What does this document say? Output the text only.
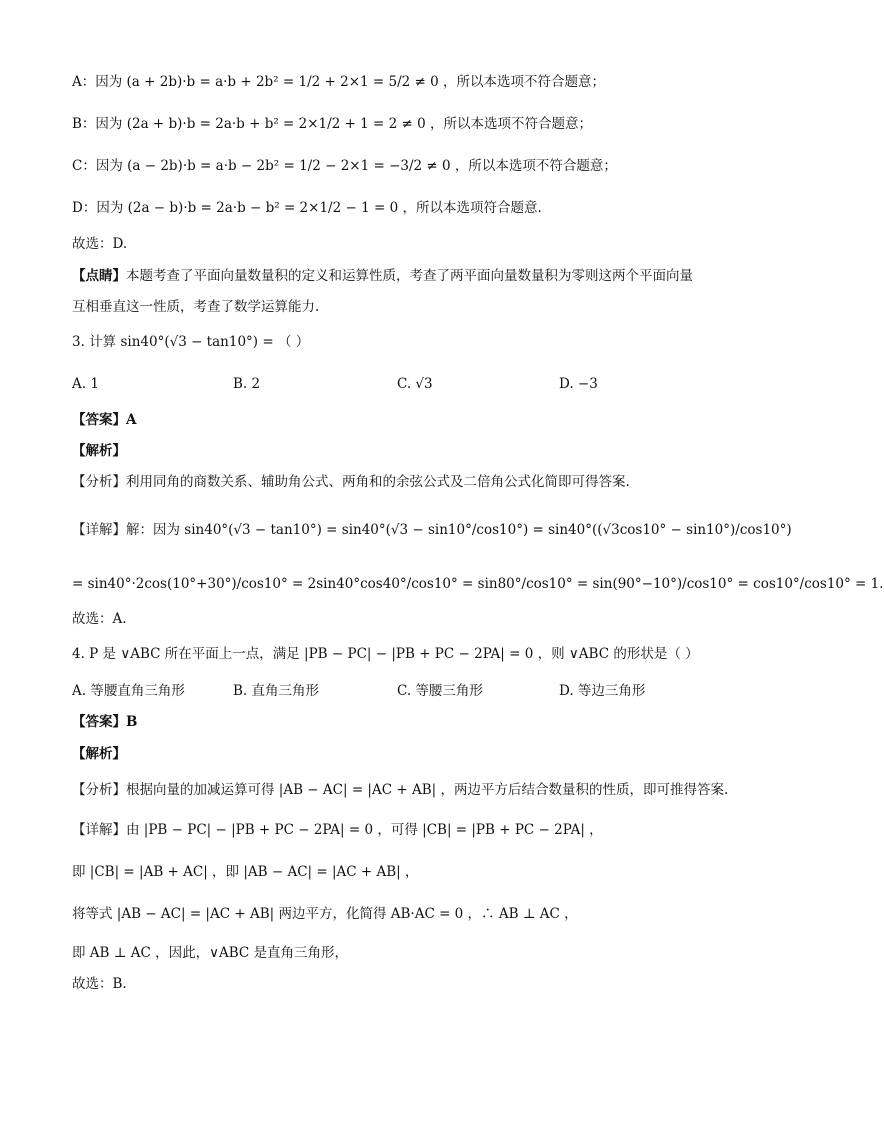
A：因为 (a + 2b)·b = a·b + 2b² = 1/2 + 2×1 = 5/2 ≠ 0 ，所以本选项不符合题意；
B：因为 (2a + b)·b = 2a·b + b² = 2×1/2 + 1 = 2 ≠ 0 ，所以本选项不符合题意；
C：因为 (a − 2b)·b = a·b − 2b² = 1/2 − 2×1 = −3/2 ≠ 0 ，所以本选项不符合题意；
D：因为 (2a − b)·b = 2a·b − b² = 2×1/2 − 1 = 0 ，所以本选项符合题意.
故选：D.
【点睛】本题考查了平面向量数量积的定义和运算性质，考查了两平面向量数量积为零则这两个平面向量
互相垂直这一性质，考查了数学运算能力.
3. 计算 sin40°(√3 − tan10°) = （ ）
A. 1	B. 2	C. √3	D. −3
【答案】A
【解析】
【分析】利用同角的商数关系、辅助角公式、两角和的余弦公式及二倍角公式化简即可得答案.
【详解】解：因为 sin40°(√3 − tan10°) = sin40°(√3 − sin10°/cos10°) = sin40°((√3cos10° − sin10°)/cos10°)
= sin40°·2cos(10°+30°)/cos10° = 2sin40°cos40°/cos10° = sin80°/cos10° = sin(90°−10°)/cos10° = cos10°/cos10° = 1.
故选：A.
4. P 是 ∨ABC 所在平面上一点，满足 |PB − PC| − |PB + PC − 2PA| = 0 ，则 ∨ABC 的形状是（ ）
A. 等腰直角三角形	B. 直角三角形	C. 等腰三角形	D. 等边三角形
【答案】B
【解析】
【分析】根据向量的加减运算可得 |AB − AC| = |AC + AB| ，两边平方后结合数量积的性质，即可推得答案.
【详解】由 |PB − PC| − |PB + PC − 2PA| = 0 ，可得 |CB| = |PB + PC − 2PA| ，
即 |CB| = |AB + AC| ，即 |AB − AC| = |AC + AB| ，
将等式 |AB − AC| = |AC + AB| 两边平方，化简得 AB·AC = 0 ，∴ AB ⊥ AC ，
即 AB ⊥ AC ，因此，∨ABC 是直角三角形，
故选：B.
